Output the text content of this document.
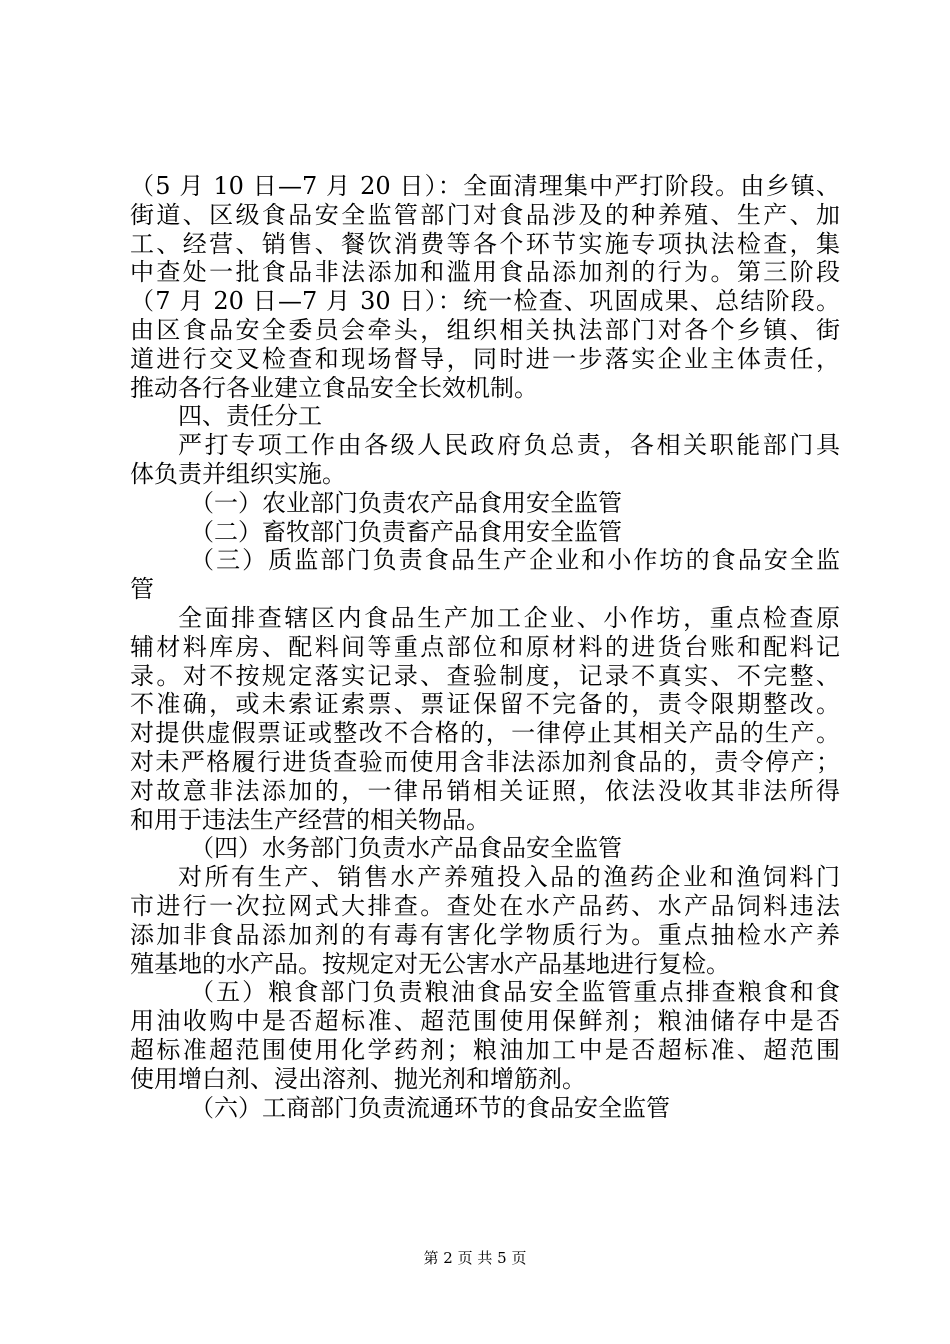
（5 月 10 日—7 月 20 日）：全面清理集中严打阶段。由乡镇、
街道、区级食品安全监管部门对食品涉及的种养殖、生产、加
工、经营、销售、餐饮消费等各个环节实施专项执法检查，集
中查处一批食品非法添加和滥用食品添加剂的行为。第三阶段
（7 月 20 日—7 月 30 日）：统一检查、巩固成果、总结阶段。
由区食品安全委员会牵头，组织相关执法部门对各个乡镇、街
道进行交叉检查和现场督导，同时进一步落实企业主体责任，
推动各行各业建立食品安全长效机制。
四、责任分工
严打专项工作由各级人民政府负总责，各相关职能部门具
体负责并组织实施。
（一）农业部门负责农产品食用安全监管
（二）畜牧部门负责畜产品食用安全监管
（三）质监部门负责食品生产企业和小作坊的食品安全监
管
全面排查辖区内食品生产加工企业、小作坊，重点检查原
辅材料库房、配料间等重点部位和原材料的进货台账和配料记
录。对不按规定落实记录、查验制度，记录不真实、不完整、
不准确，或未索证索票、票证保留不完备的，责令限期整改。
对提供虚假票证或整改不合格的，一律停止其相关产品的生产。
对未严格履行进货查验而使用含非法添加剂食品的，责令停产；
对故意非法添加的，一律吊销相关证照，依法没收其非法所得
和用于违法生产经营的相关物品。
（四）水务部门负责水产品食品安全监管
对所有生产、销售水产养殖投入品的渔药企业和渔饲料门
市进行一次拉网式大排查。查处在水产品药、水产品饲料违法
添加非食品添加剂的有毒有害化学物质行为。重点抽检水产养
殖基地的水产品。按规定对无公害水产品基地进行复检。
（五）粮食部门负责粮油食品安全监管重点排查粮食和食
用油收购中是否超标准、超范围使用保鲜剂；粮油储存中是否
超标准超范围使用化学药剂；粮油加工中是否超标准、超范围
使用增白剂、浸出溶剂、抛光剂和增筋剂。
（六）工商部门负责流通环节的食品安全监管
第 2 页 共 5 页
